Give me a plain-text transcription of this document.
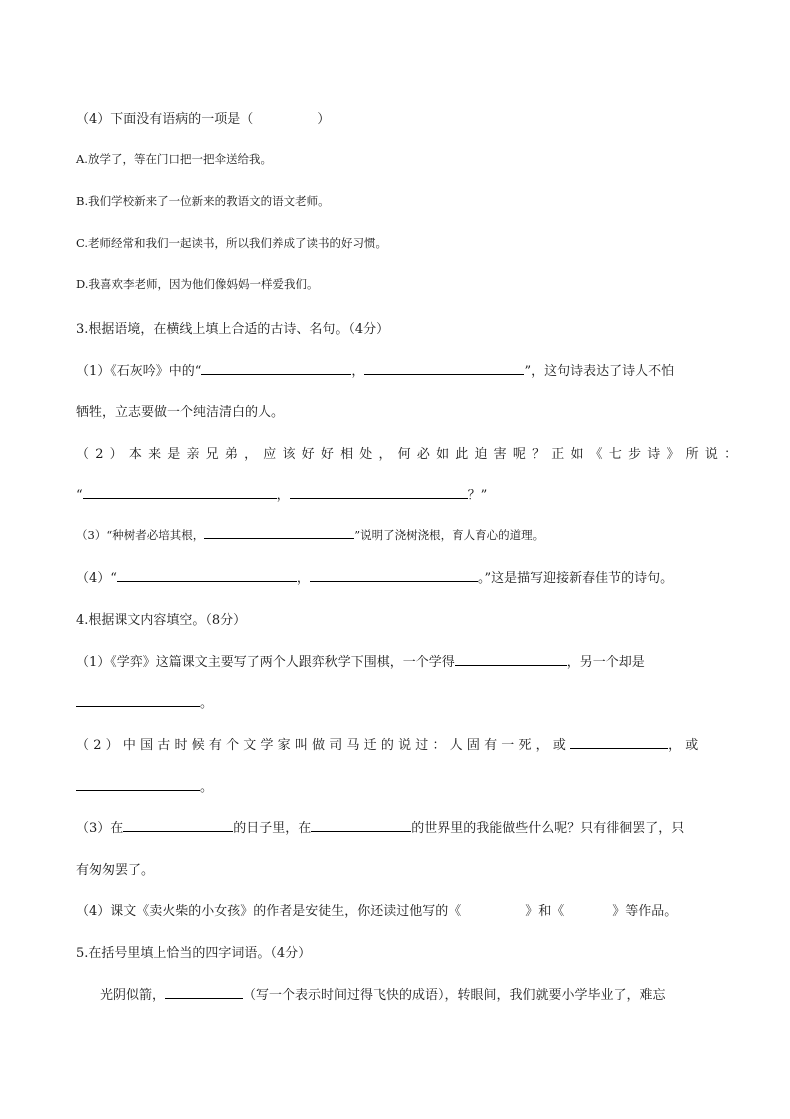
（4）下面没有语病的一项是（	）
A.放学了，等在门口把一把伞送给我。
B.我们学校新来了一位新来的教语文的语文老师。
C.老师经常和我们一起读书，所以我们养成了读书的好习惯。
D.我喜欢李老师，因为他们像妈妈一样爱我们。
3.根据语境，在横线上填上合适的古诗、名句。（4分）
（1）《石灰吟》中的“	，	”，这句诗表达了诗人不怕
牺牲，立志要做一个纯洁清白的人。
（2）本来是亲兄弟，应该好好相处，何必如此迫害呢？正如《七步诗》所说：
“	，	？”
（3）“种树者必培其根，	”说明了浇树浇根，育人育心的道理。
（4）“	，	。”这是描写迎接新春佳节的诗句。
4.根据课文内容填空。（8分）
（1）《学弈》这篇课文主要写了两个人跟弈秋学下围棋，一个学得	，另一个却是
。
（2）中国古时候有个文学家叫做司马迁的说过：人固有一死，或	，或
。
（3）在	的日子里，在	的世界里的我能做些什么呢？只有徘徊罢了，只
有匆匆罢了。
（4）课文《卖火柴的小女孩》的作者是安徒生，你还读过他写的《	》和《	》等作品。
5.在括号里填上恰当的四字词语。（4分）
光阴似箭，	（写一个表示时间过得飞快的成语），转眼间，我们就要小学毕业了，难忘
